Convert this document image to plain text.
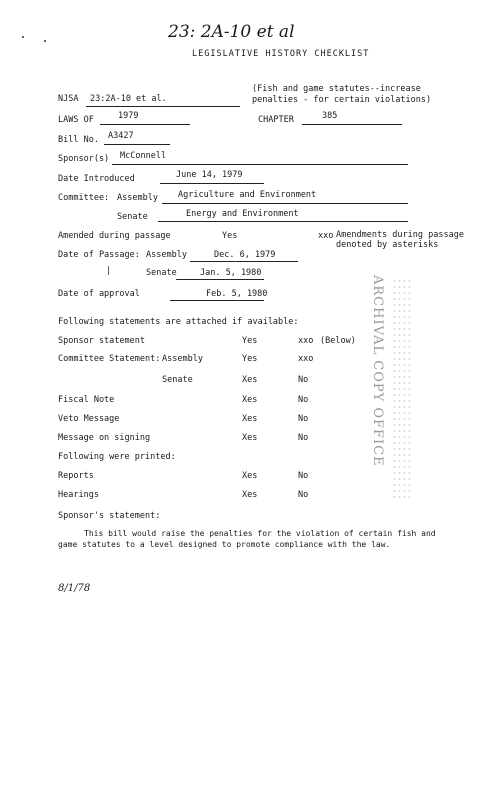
23: 2A-10 et al
LEGISLATIVE HISTORY CHECKLIST
NJSA 23:2A-10 et al.
(Fish and game statutes--increase penalties - for certain violations)
LAWS OF	1979	CHAPTER	385
Bill No. A3427
Sponsor(s) McConnell
Date Introduced	June 14, 1979
Committee: Assembly Agriculture and Environment
Senate	Energy and Environment
Amended during passage	Yes	xxo Amendments during passage denoted by asterisks
Date of Passage: Assembly	Dec. 6, 1979
|	Senate	Jan. 5, 1980
Date of approval	Feb. 5, 1980
Following statements are attached if available:
Sponsor statement	Yes	xxo (Below)
Committee Statement: Assembly	Yes	xxo
Senate	Xes	No
Fiscal Note	Xes	No
Veto Message	Xes	No
Message on signing	Xes	No
Following were printed:
Reports	Xes	No
Hearings	Xes	No
Sponsor's statement:
This bill would raise the penalties for the violation of certain fish and
game statutes to a level designed to promote compliance with the law.
8/1/78
ARCHIVAL COPY OFFICE
